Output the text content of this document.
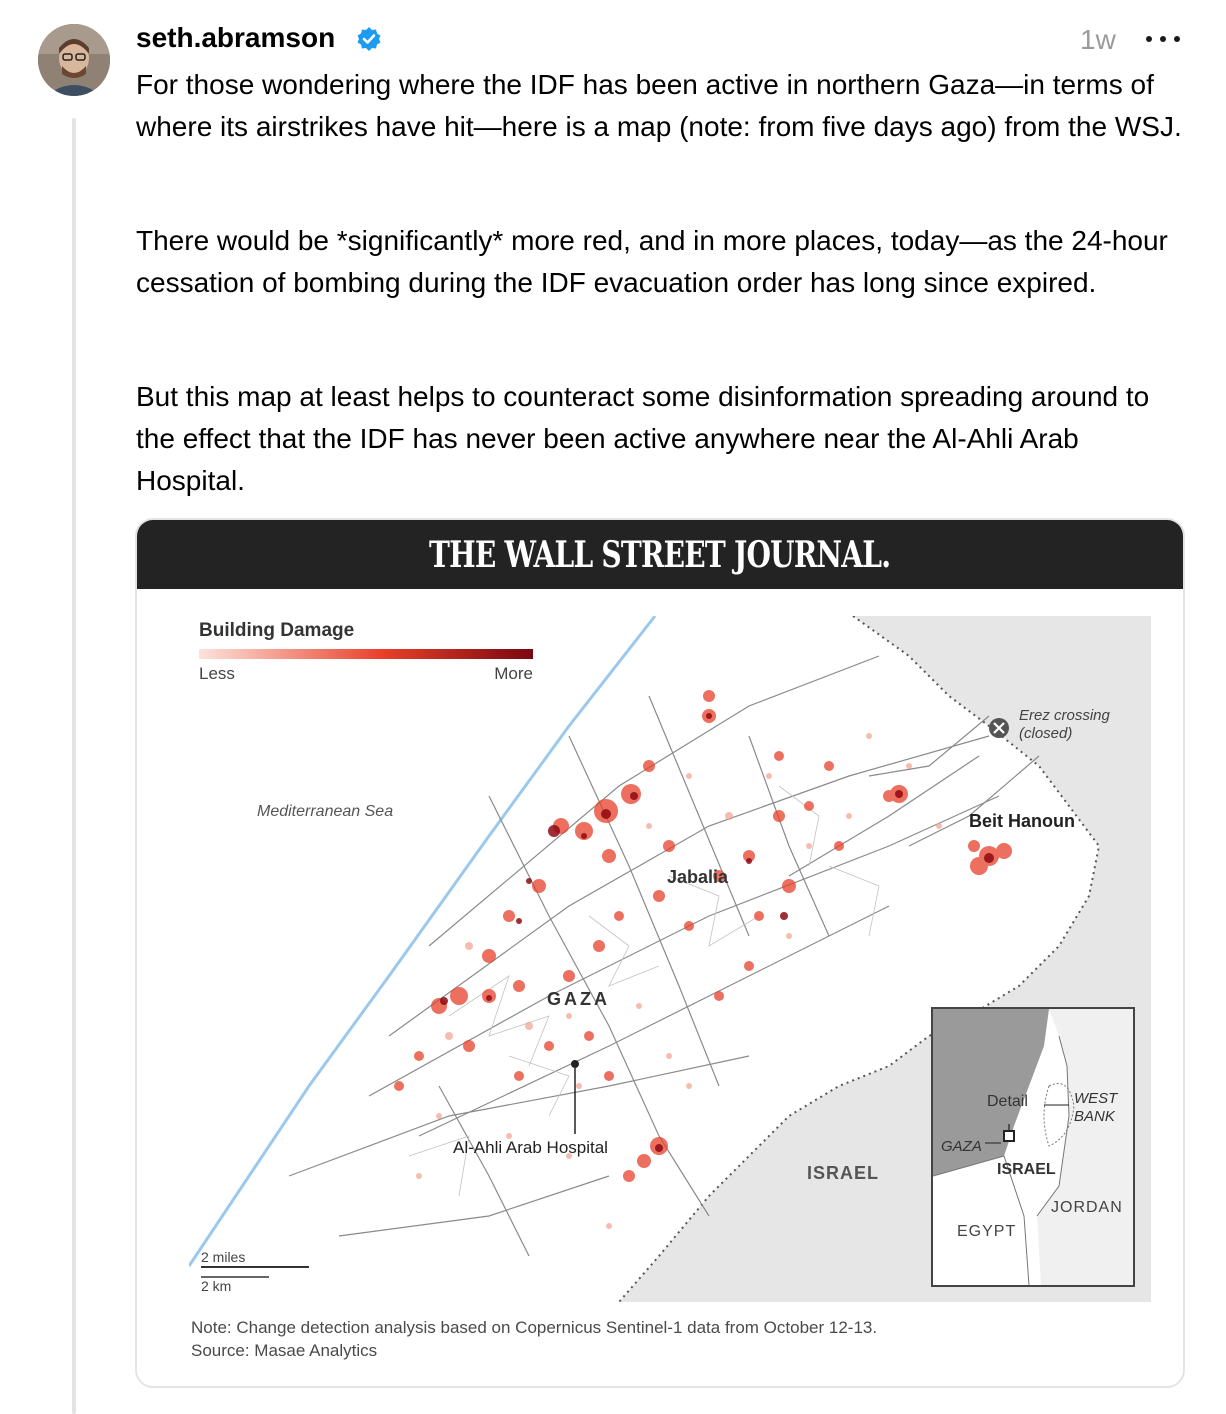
seth.abramson	1w

For those wondering where the IDF has been active in northern Gaza—in terms of where its airstrikes have hit—here is a map (note: from five days ago) from the WSJ.

There would be *significantly* more red, and in more places, today—as the 24-hour cessation of bombing during the IDF evacuation order has long since expired.

But this map at least helps to counteract some disinformation spreading around to the effect that the IDF has never been active anywhere near the Al-Ahli Arab Hospital.

THE WALL STREET JOURNAL.
Building Damage
Less	More
Mediterranean Sea
Erez crossing
(closed)
Beit Hanoun
Jabalia
GAZA
Al-Ahli Arab Hospital
ISRAEL
2 miles
2 km
Detail	WEST
BANK
GAZA
ISRAEL
JORDAN
EGYPT
Note: Change detection analysis based on Copernicus Sentinel-1 data from October 12-13.
Source: Masae Analytics
